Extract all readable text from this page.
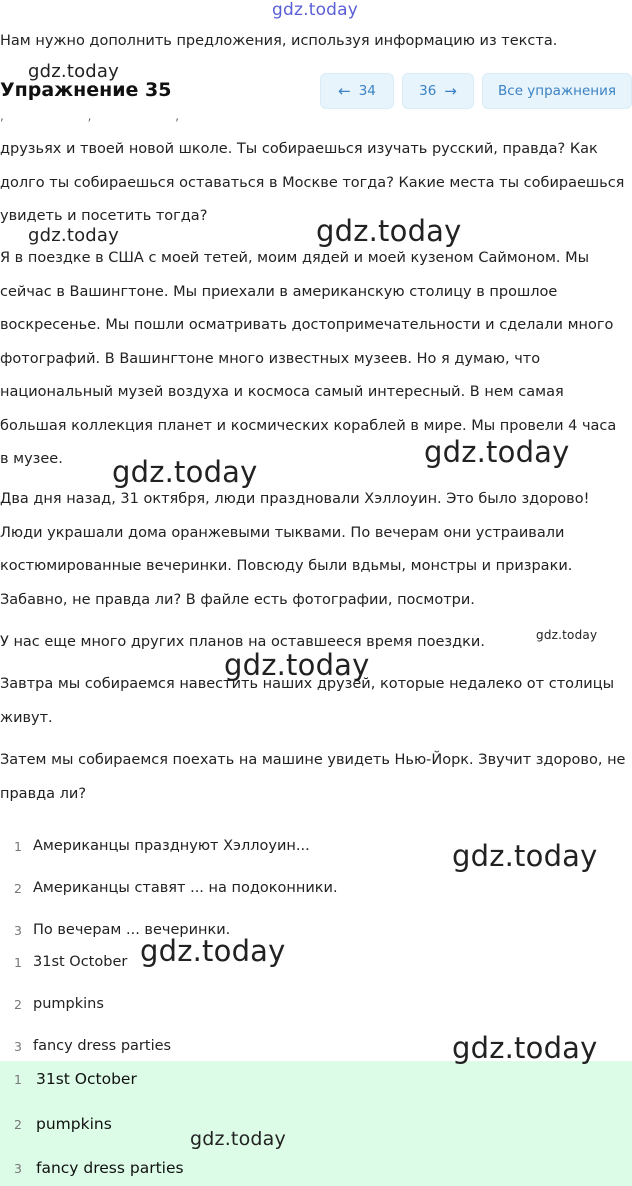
gdz.today
Нам нужно дополнить предложения, используя информацию из текста.
Упражнение 35	← 34	36 →	Все упражнения
, , ,
друзьях и твоей новой школе. Ты собираешься изучать русский, правда? Как долго ты собираешься оставаться в Москве тогда? Какие места ты собираешься увидеть и посетить тогда?
Я в поездке в США с моей тетей, моим дядей и моей кузеном Саймоном. Мы сейчас в Вашингтоне. Мы приехали в американскую столицу в прошлое воскресенье. Мы пошли осматривать достопримечательности и сделали много фотографий. В Вашингтоне много известных музеев. Но я думаю, что национальный музей воздуха и космоса самый интересный. В нем самая большая коллекция планет и космических кораблей в мире. Мы провели 4 часа в музее.
Два дня назад, 31 октября, люди праздновали Хэллоуин. Это было здорово! Люди украшали дома оранжевыми тыквами. По вечерам они устраивали костюмированные вечеринки. Повсюду были вдьмы, монстры и призраки. Забавно, не правда ли? В файле есть фотографии, посмотри.
У нас еще много других планов на оставшееся время поездки.
Завтра мы собираемся навестить наших друзей, которые недалеко от столицы живут.
Затем мы собираемся поехать на машине увидеть Нью-Йорк. Звучит здорово, не правда ли?
1 Американцы празднуют Хэллоуин...
2 Американцы ставят ... на подоконники.
3 По вечерам ... вечеринки.
1 31st October
2 pumpkins
3 fancy dress parties
1 31st October
2 pumpkins
3 fancy dress parties
gdz.today
gdz.today	gdz.today
gdz.today
gdz.today
gdz.today
gdz.today
gdz.today
gdz.today
gdz.today
gdz.today
